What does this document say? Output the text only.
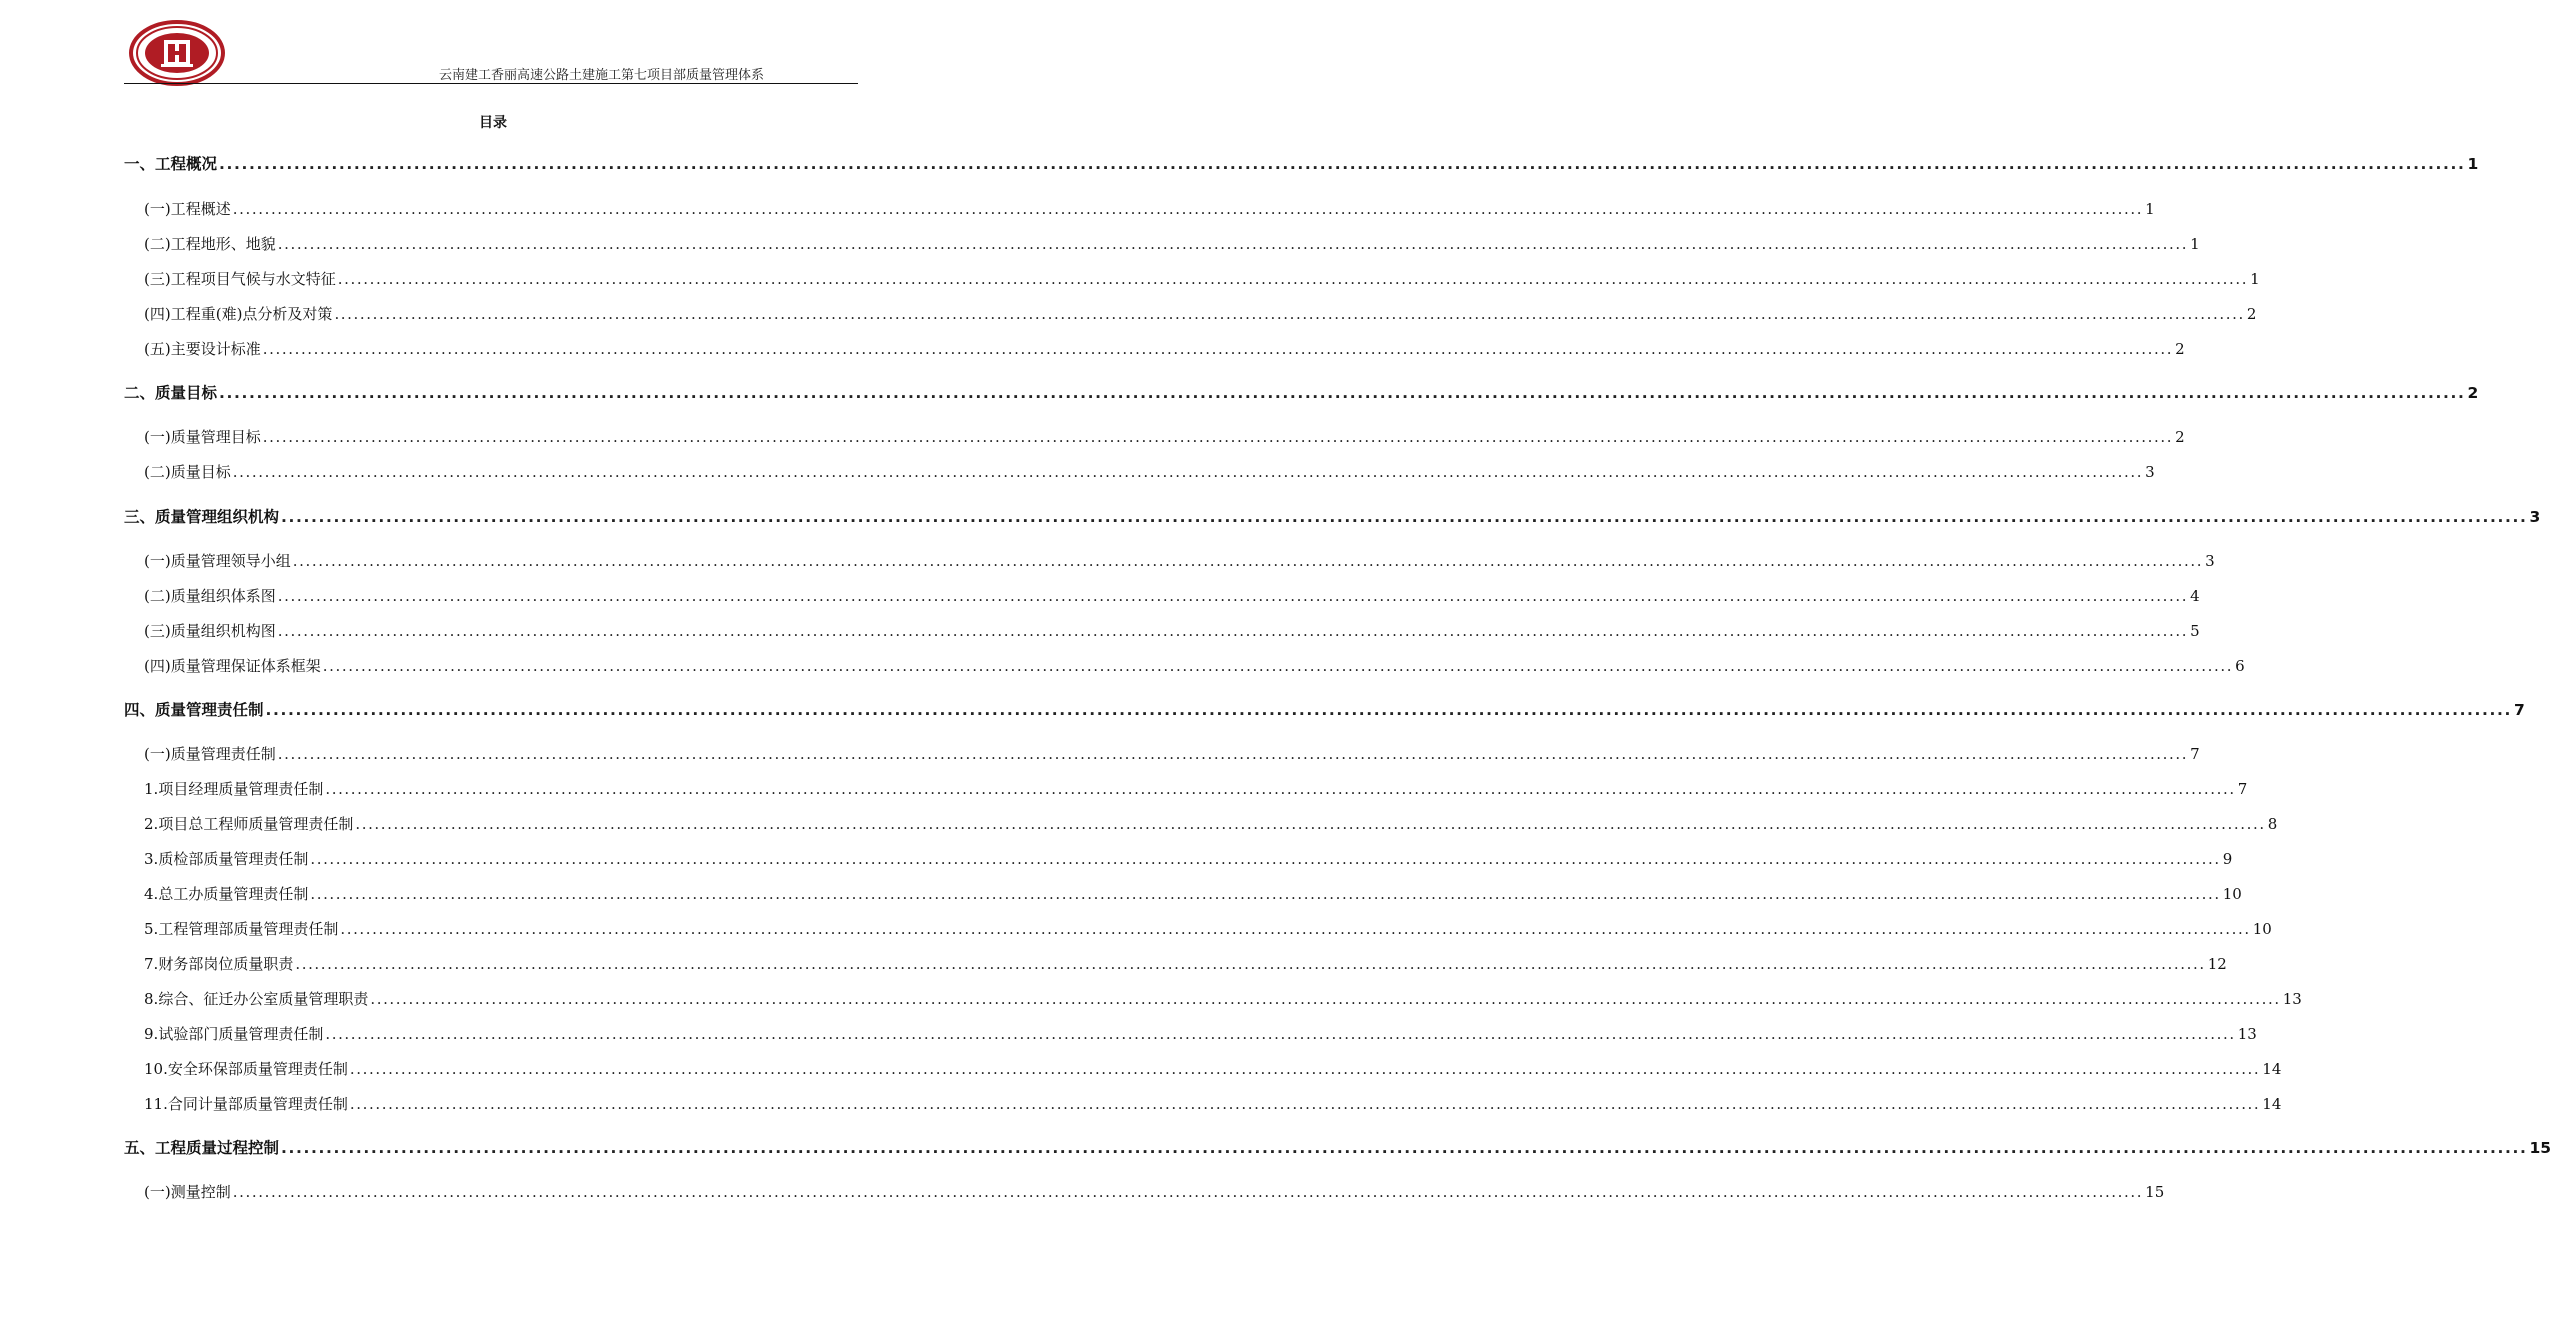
云南建工香丽高速公路土建施工第七项目部质量管理体系
目录
一、 工程概况 ............................................................................................................................................................................................................................................................................................................ 1
(一) 工程概述 ............................................................................................................................................................................................................................................................................................................ 1
(二) 工程地形、地貌 ............................................................................................................................................................................................................................................................................................................ 1
(三) 工程项目气候与水文特征 ............................................................................................................................................................................................................................................................................................................ 1
(四) 工程重(难)点分析及对策 ............................................................................................................................................................................................................................................................................................................ 2
(五) 主要设计标准 ............................................................................................................................................................................................................................................................................................................ 2
二、 质量目标 ............................................................................................................................................................................................................................................................................................................ 2
(一) 质量管理目标 ............................................................................................................................................................................................................................................................................................................ 2
(二) 质量目标 ............................................................................................................................................................................................................................................................................................................ 3
三、 质量管理组织机构 ............................................................................................................................................................................................................................................................................................................ 3
(一) 质量管理领导小组 ............................................................................................................................................................................................................................................................................................................ 3
(二) 质量组织体系图 ............................................................................................................................................................................................................................................................................................................ 4
(三) 质量组织机构图 ............................................................................................................................................................................................................................................................................................................ 5
(四) 质量管理保证体系框架 ............................................................................................................................................................................................................................................................................................................ 6
四、 质量管理责任制 ............................................................................................................................................................................................................................................................................................................ 7
(一) 质量管理责任制 ............................................................................................................................................................................................................................................................................................................ 7
1. 项目经理质量管理责任制 ............................................................................................................................................................................................................................................................................................................ 7
2. 项目总工程师质量管理责任制 ............................................................................................................................................................................................................................................................................................................ 8
3. 质检部质量管理责任制 ............................................................................................................................................................................................................................................................................................................ 9
4. 总工办质量管理责任制 ............................................................................................................................................................................................................................................................................................................ 10
5. 工程管理部质量管理责任制 ............................................................................................................................................................................................................................................................................................................ 10
7. 财务部岗位质量职责 ............................................................................................................................................................................................................................................................................................................ 12
8. 综合、征迁办公室质量管理职责 ............................................................................................................................................................................................................................................................................................................ 13
9. 试验部门质量管理责任制 ............................................................................................................................................................................................................................................................................................................ 13
10. 安全环保部质量管理责任制 ............................................................................................................................................................................................................................................................................................................ 14
11. 合同计量部质量管理责任制 ............................................................................................................................................................................................................................................................................................................ 14
五、 工程质量过程控制 ............................................................................................................................................................................................................................................................................................................ 15
(一) 测量控制 ............................................................................................................................................................................................................................................................................................................ 15
